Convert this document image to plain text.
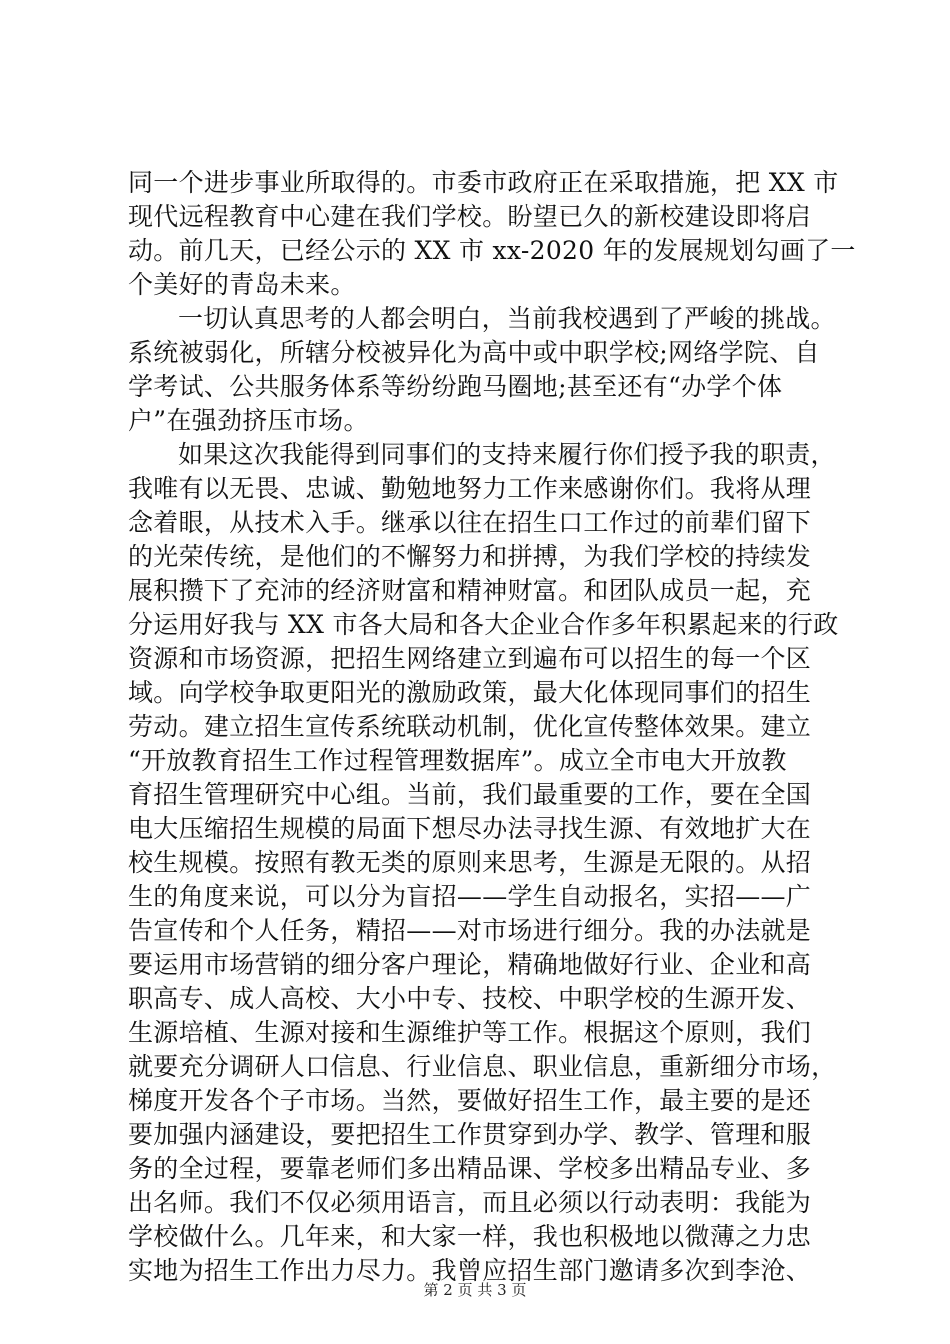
同一个进步事业所取得的。市委市政府正在采取措施，把 XX 市
现代远程教育中心建在我们学校。盼望已久的新校建设即将启
动。前几天，已经公示的 XX 市 xx-2020 年的发展规划勾画了一
个美好的青岛未来。
一切认真思考的人都会明白，当前我校遇到了严峻的挑战。
系统被弱化，所辖分校被异化为高中或中职学校;网络学院、自
学考试、公共服务体系等纷纷跑马圈地;甚至还有“办学个体
户”在强劲挤压市场。
如果这次我能得到同事们的支持来履行你们授予我的职责，
我唯有以无畏、忠诚、勤勉地努力工作来感谢你们。我将从理
念着眼，从技术入手。继承以往在招生口工作过的前辈们留下
的光荣传统，是他们的不懈努力和拼搏，为我们学校的持续发
展积攒下了充沛的经济财富和精神财富。和团队成员一起，充
分运用好我与 XX 市各大局和各大企业合作多年积累起来的行政
资源和市场资源，把招生网络建立到遍布可以招生的每一个区
域。向学校争取更阳光的激励政策，最大化体现同事们的招生
劳动。建立招生宣传系统联动机制，优化宣传整体效果。建立
“开放教育招生工作过程管理数据库”。成立全市电大开放教
育招生管理研究中心组。当前，我们最重要的工作，要在全国
电大压缩招生规模的局面下想尽办法寻找生源、有效地扩大在
校生规模。按照有教无类的原则来思考，生源是无限的。从招
生的角度来说，可以分为盲招——学生自动报名，实招——广
告宣传和个人任务，精招——对市场进行细分。我的办法就是
要运用市场营销的细分客户理论，精确地做好行业、企业和高
职高专、成人高校、大小中专、技校、中职学校的生源开发、
生源培植、生源对接和生源维护等工作。根据这个原则，我们
就要充分调研人口信息、行业信息、职业信息，重新细分市场，
梯度开发各个子市场。当然，要做好招生工作，最主要的是还
要加强内涵建设，要把招生工作贯穿到办学、教学、管理和服
务的全过程，要靠老师们多出精品课、学校多出精品专业、多
出名师。我们不仅必须用语言，而且必须以行动表明：我能为
学校做什么。几年来，和大家一样，我也积极地以微薄之力忠
实地为招生工作出力尽力。我曾应招生部门邀请多次到李沧、
第 2 页 共 3 页
